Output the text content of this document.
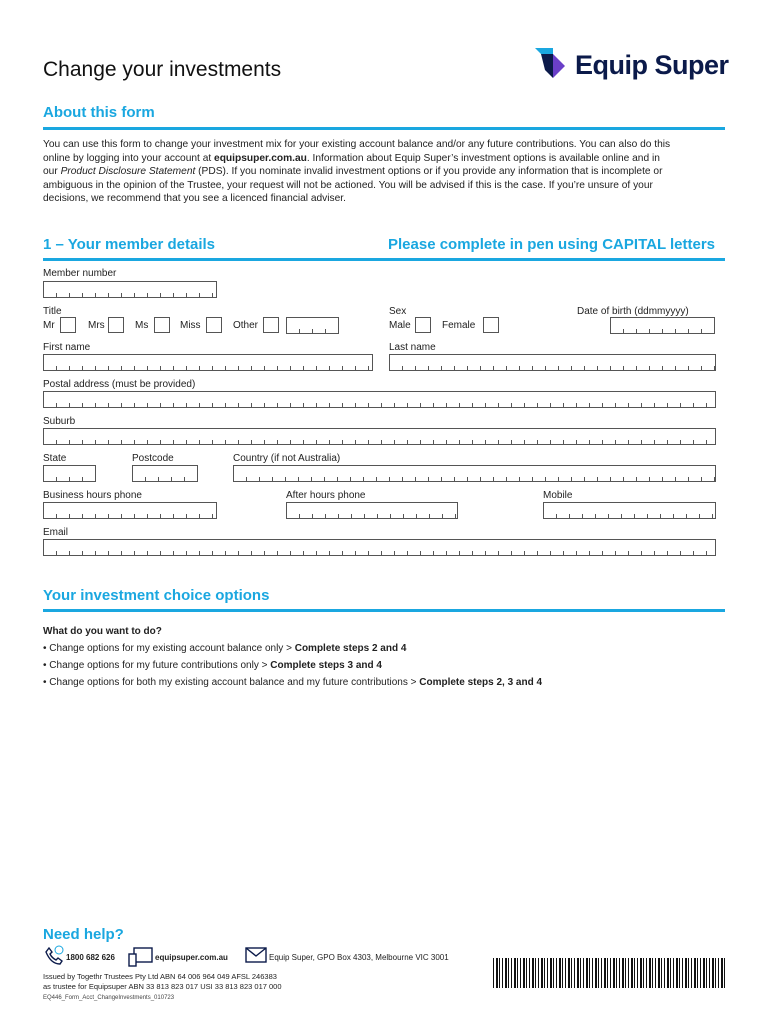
Change your investments	Equip Super
About this form
You can use this form to change your investment mix for your existing account balance and/or any future contributions. You can also do this
online by logging into your account at equipsuper.com.au. Information about Equip Super’s investment options is available online and in
our Product Disclosure Statement (PDS). If you nominate invalid investment options or if you provide any information that is incomplete or
ambiguous in the opinion of the Trustee, your request will not be actioned. You will be advised if this is the case. If you’re unsure of your
decisions, we recommend that you see a licenced financial adviser.
1 – Your member details	Please complete in pen using CAPITAL letters
Member number
Title
Mr	Mrs	Ms	Miss	Other
Sex
Male	Female
Date of birth (ddmmyyyy)
First name	Last name
Postal address (must be provided)
Suburb
State	Postcode	Country (if not Australia)
Business hours phone	After hours phone	Mobile
Email
Your investment choice options
What do you want to do?
• Change options for my existing account balance only > Complete steps 2 and 4
• Change options for my future contributions only > Complete steps 3 and 4
• Change options for both my existing account balance and my future contributions > Complete steps 2, 3 and 4
Need help?
1800 682 626	equipsuper.com.au	Equip Super, GPO Box 4303, Melbourne VIC 3001
Issued by Togethr Trustees Pty Ltd ABN 64 006 964 049 AFSL 246383
as trustee for Equipsuper ABN 33 813 823 017 USI 33 813 823 017 000
EQ446_Form_Acct_ChangeInvestments_010723
